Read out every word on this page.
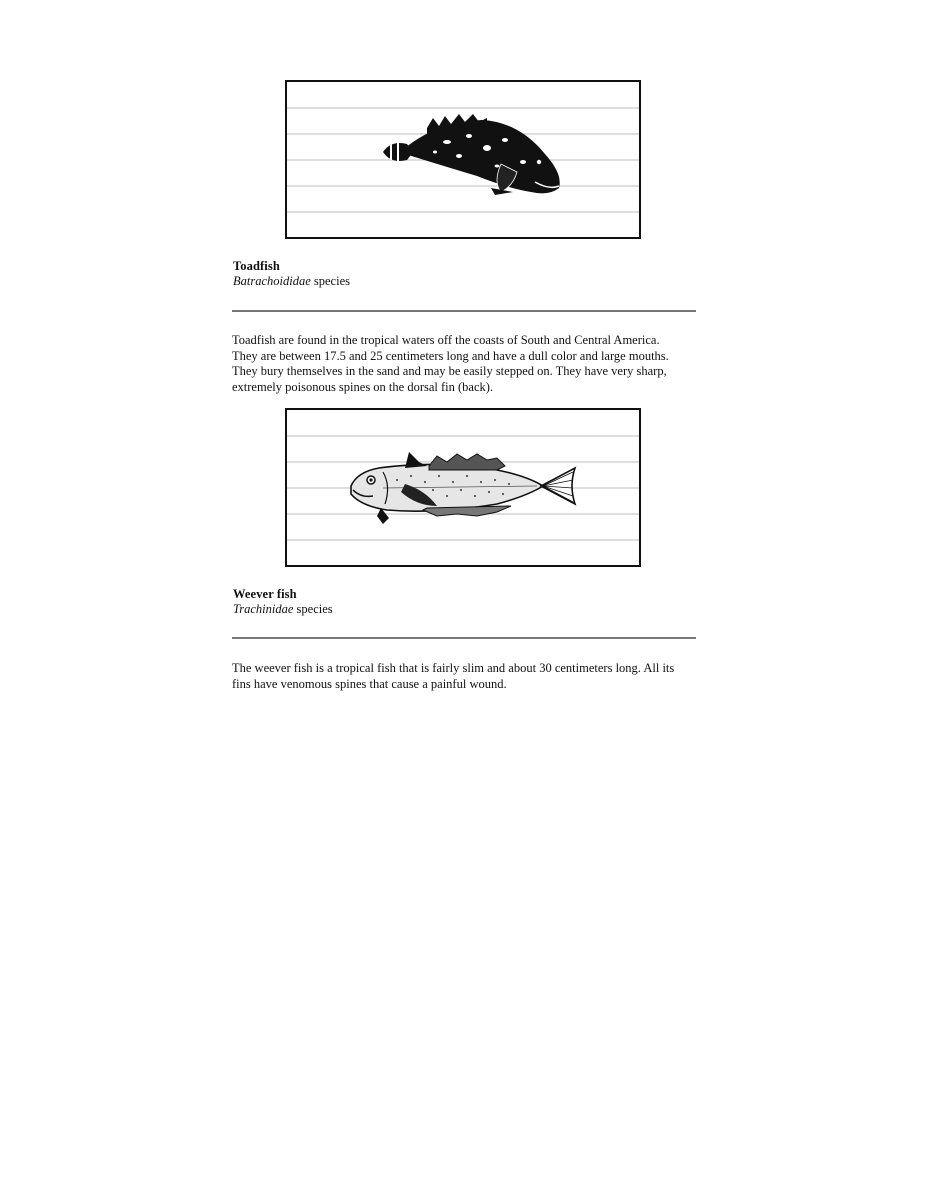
Toadfish
Batrachoididae species

Toadfish are found in the tropical waters off the coasts of South and Central America.
They are between 17.5 and 25 centimeters long and have a dull color and large mouths.
They bury themselves in the sand and may be easily stepped on. They have very sharp,
extremely poisonous spines on the dorsal fin (back).

Weever fish
Trachinidae species

The weever fish is a tropical fish that is fairly slim and about 30 centimeters long. All its
fins have venomous spines that cause a painful wound.
